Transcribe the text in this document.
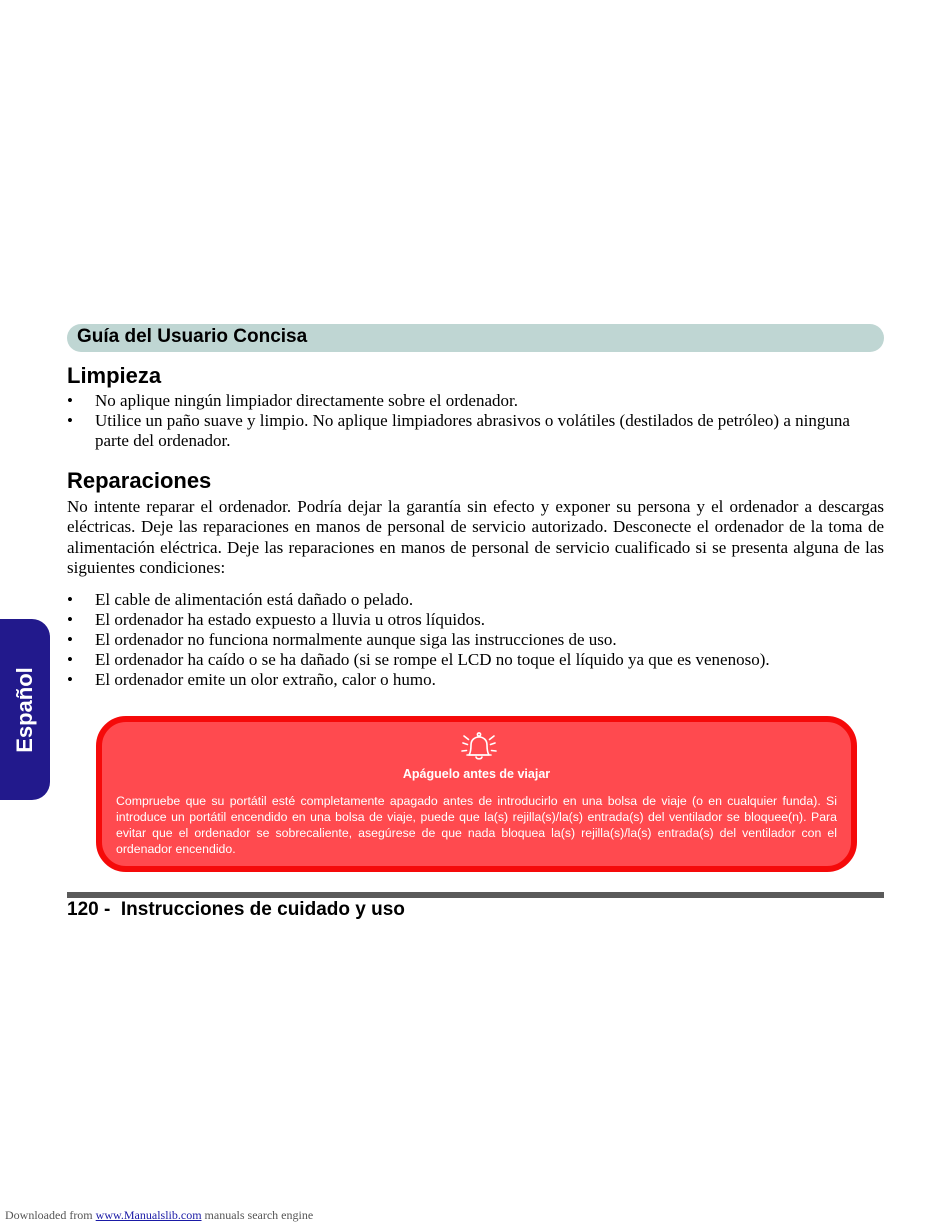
Guía del Usuario Concisa
Limpieza
• No aplique ningún limpiador directamente sobre el ordenador.
• Utilice un paño suave y limpio. No aplique limpiadores abrasivos o volátiles (destilados de petróleo) a ninguna parte del ordenador.
Reparaciones

No intente reparar el ordenador. Podría dejar la garantía sin efecto y exponer su persona y el ordenador a descargas eléctricas. Deje las reparaciones en manos de personal de servicio autorizado. Desconecte el ordenador de la toma de alimentación eléctrica. Deje las reparaciones en manos de personal de servicio cualificado si se presenta alguna de las siguientes condiciones:

• El cable de alimentación está dañado o pelado.
• El ordenador ha estado expuesto a lluvia u otros líquidos.
• El ordenador no funciona normalmente aunque siga las instrucciones de uso.
• El ordenador ha caído o se ha dañado (si se rompe el LCD no toque el líquido ya que es venenoso).
• El ordenador emite un olor extraño, calor o humo.
Español
Apáguelo antes de viajar

Compruebe que su portátil esté completamente apagado antes de introducirlo en una bolsa de viaje (o en cualquier funda). Si introduce un portátil encendido en una bolsa de viaje, puede que la(s) rejilla(s)/la(s) entrada(s) del ventilador se bloquee(n). Para evitar que el ordenador se sobrecaliente, asegúrese de que nada bloquea la(s) rejilla(s)/la(s) entrada(s) del ventilador con el ordenador encendido.

120 -  Instrucciones de cuidado y uso
Downloaded from www.Manualslib.com manuals search engine
